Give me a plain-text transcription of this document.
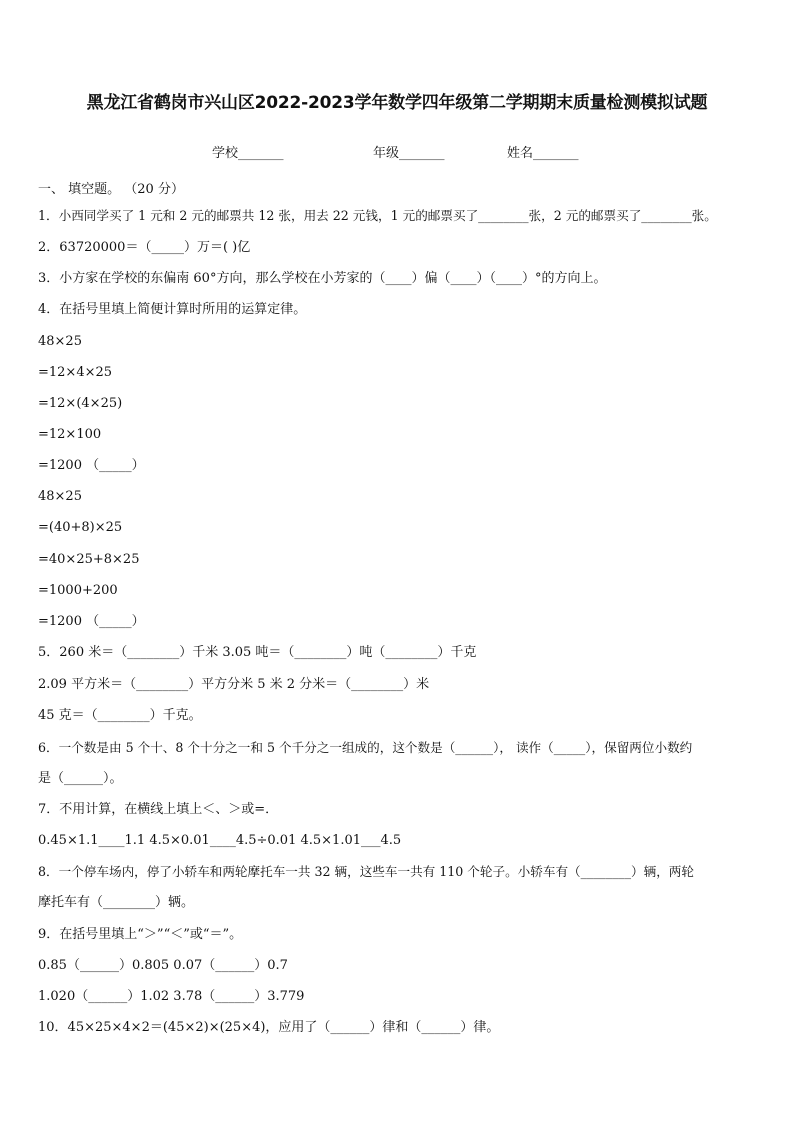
黑龙江省鹤岗市兴山区2022-2023学年数学四年级第二学期期末质量检测模拟试题
学校_______	年级_______	姓名_______
一、 填空题。 （20 分）
1．小西同学买了 1 元和 2 元的邮票共 12 张，用去 22 元钱，1 元的邮票买了________张，2 元的邮票买了________张。
2．63720000＝（_____）万＝( )亿
3．小方家在学校的东偏南 60°方向，那么学校在小芳家的（____）偏（____）（____）°的方向上。
4．在括号里填上简便计算时所用的运算定律。
48×25
=12×4×25
=12×(4×25)
=12×100
=1200 （_____）
48×25
=(40+8)×25
=40×25+8×25
=1000+200
=1200 （_____）
5．260 米＝（________）千米 3.05 吨＝（________）吨（________）千克
2.09 平方米＝（________）平方分米 5 米 2 分米＝（________）米
45 克＝（________）千克。
6．一个数是由 5 个十、8 个十分之一和 5 个千分之一组成的，这个数是（______）， 读作（_____），保留两位小数约
是（______）。
7．不用计算，在横线上填上＜、＞或=．
0.45×1.1____1.1 4.5×0.01____4.5÷0.01 4.5×1.01___4.5
8．一个停车场内，停了小轿车和两轮摩托车一共 32 辆，这些车一共有 110 个轮子。小轿车有（________）辆，两轮
摩托车有（________）辆。
9．在括号里填上“＞”“＜”或“＝”。
0.85（______）0.805 0.07（______）0.7
1.020（______）1.02 3.78（______）3.779
10．45×25×4×2＝(45×2)×(25×4)，应用了（______）律和（______）律。
